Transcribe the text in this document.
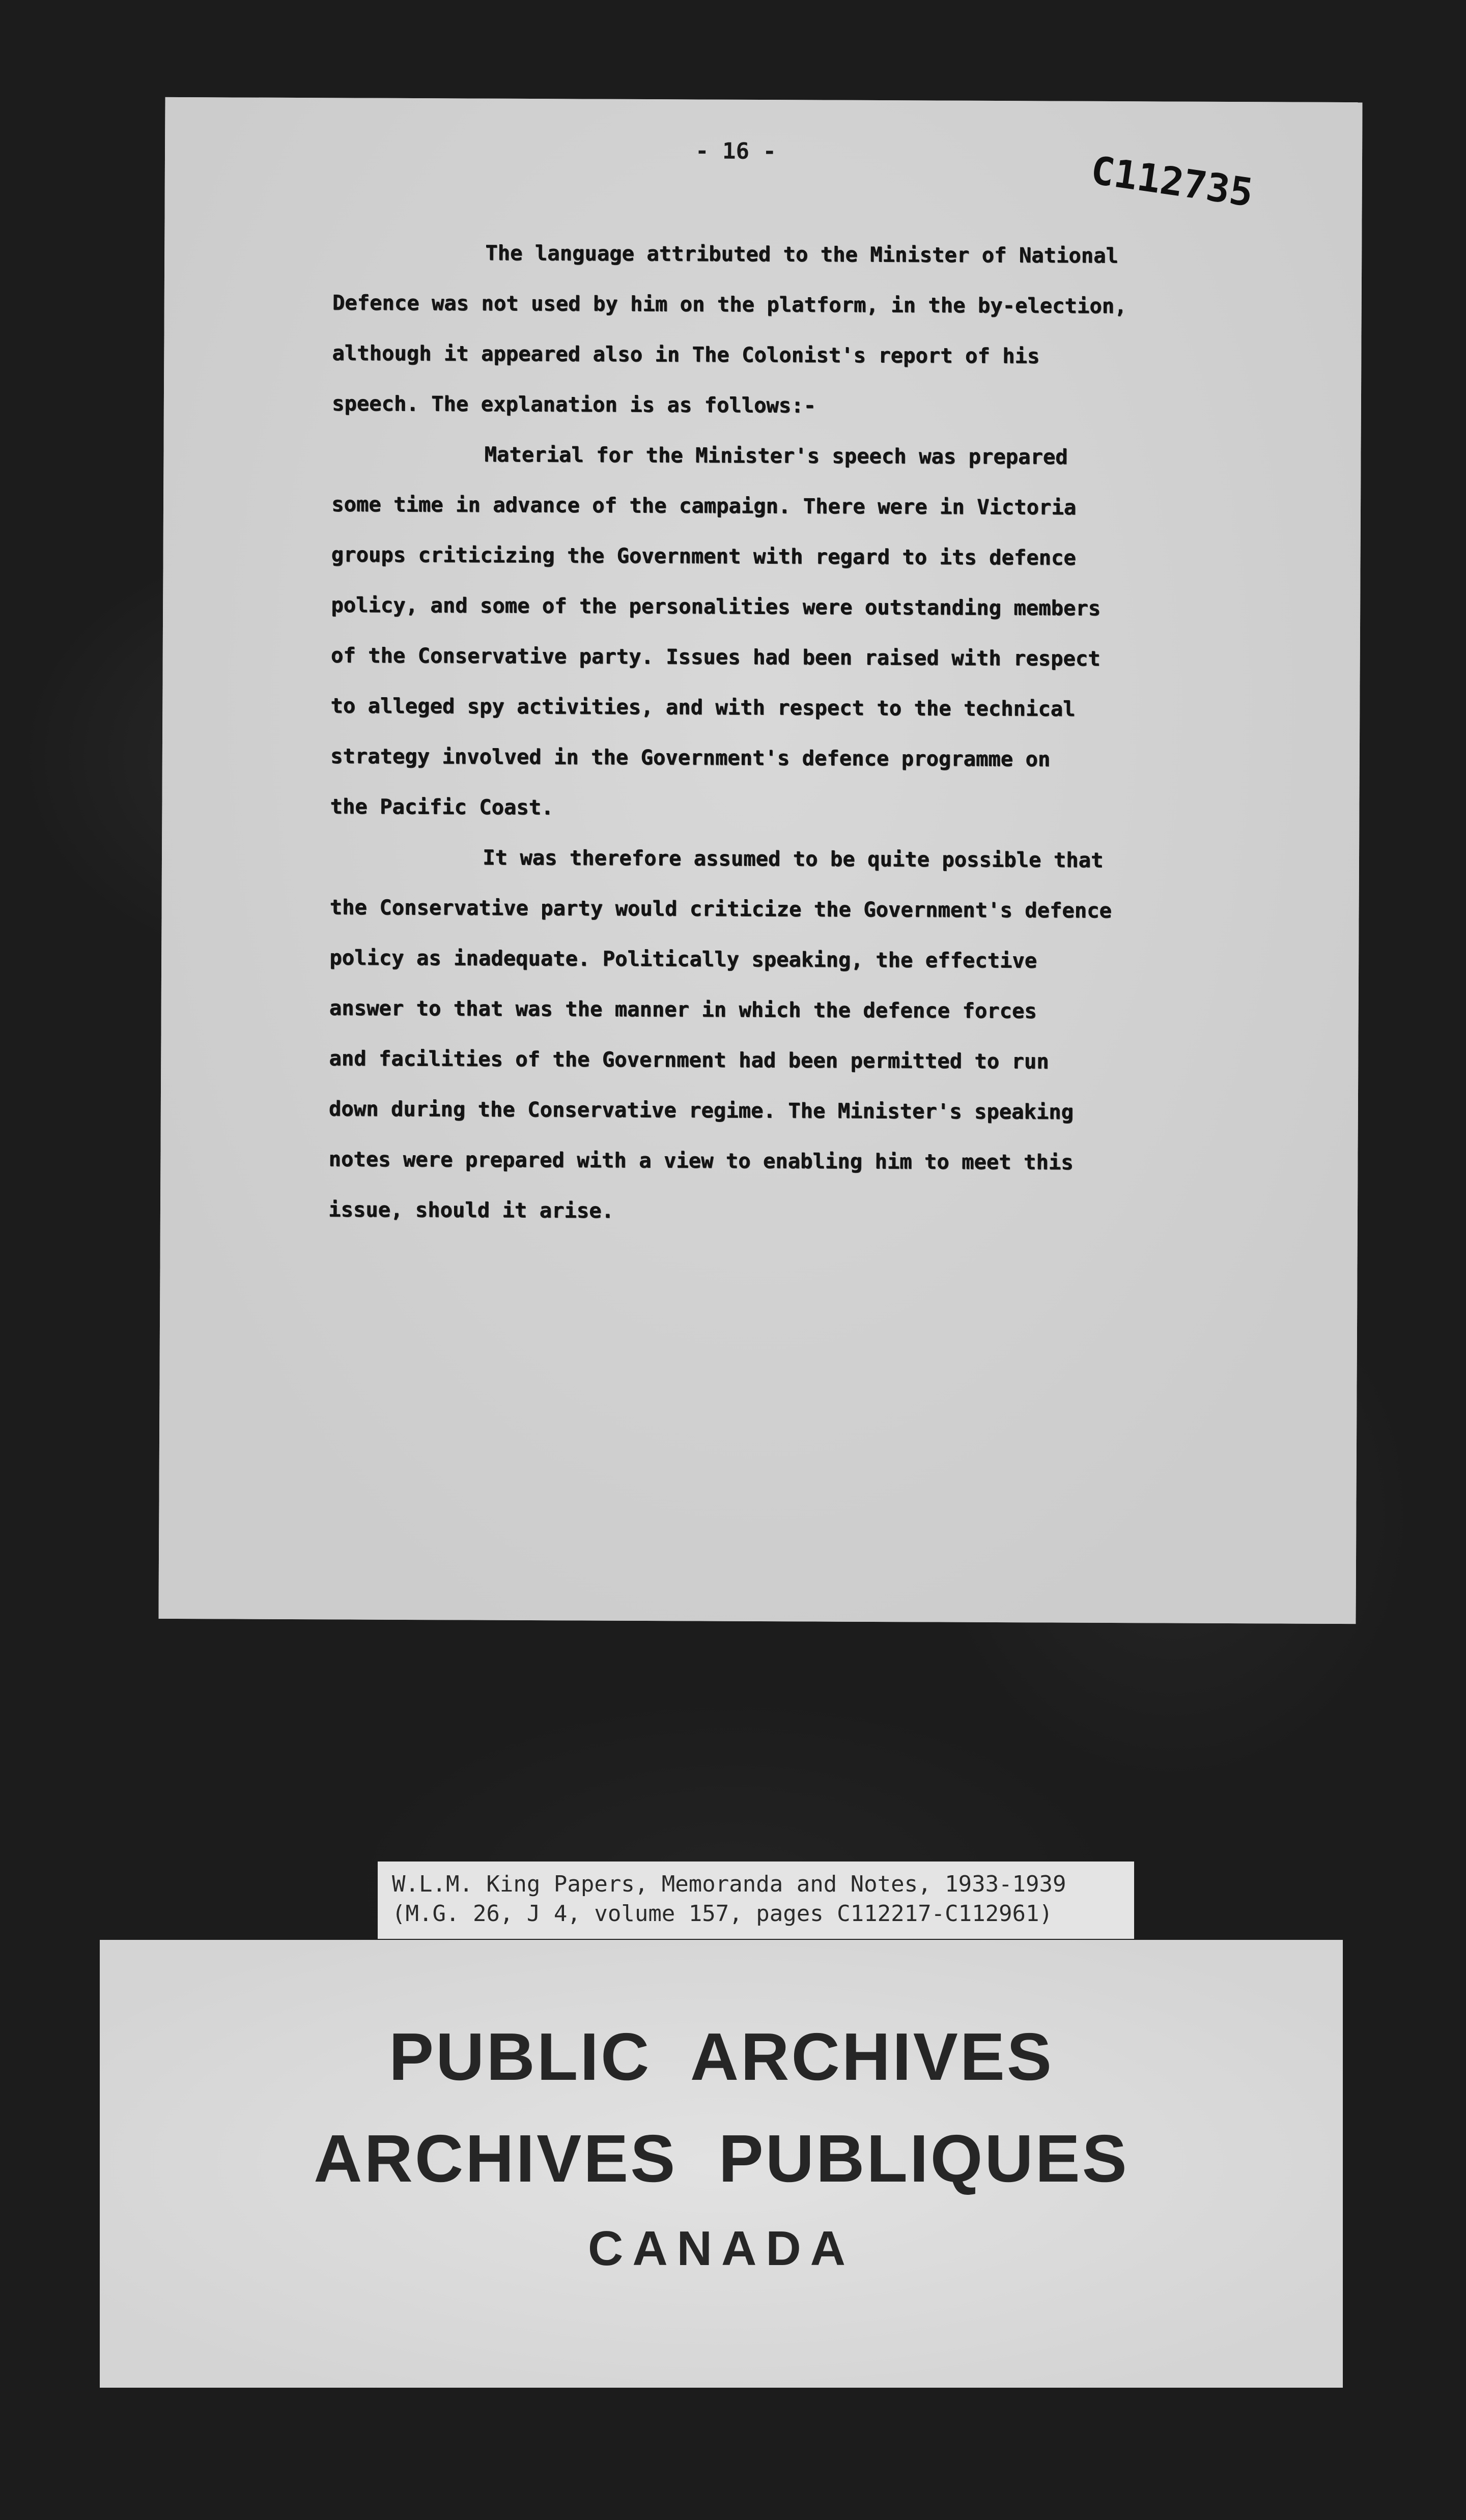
- 16 -	C112735

The language attributed to the Minister of National

Defence was not used by him on the platform, in the by-election,

although it appeared also in The Colonist's report of his

speech. The explanation is as follows:-

Material for the Minister's speech was prepared

some time in advance of the campaign. There were in Victoria

groups criticizing the Government with regard to its defence

policy, and some of the personalities were outstanding members

of the Conservative party. Issues had been raised with respect

to alleged spy activities, and with respect to the technical

strategy involved in the Government's defence programme on

the Pacific Coast.

It was therefore assumed to be quite possible that

the Conservative party would criticize the Government's defence

policy as inadequate. Politically speaking, the effective

answer to that was the manner in which the defence forces

and facilities of the Government had been permitted to run

down during the Conservative regime. The Minister's speaking

notes were prepared with a view to enabling him to meet this

issue, should it arise.

W.L.M. King Papers, Memoranda and Notes, 1933-1939
(M.G. 26, J 4, volume 157, pages C112217-C112961)
PUBLIC  ARCHIVES
ARCHIVES  PUBLIQUES
CANADA
